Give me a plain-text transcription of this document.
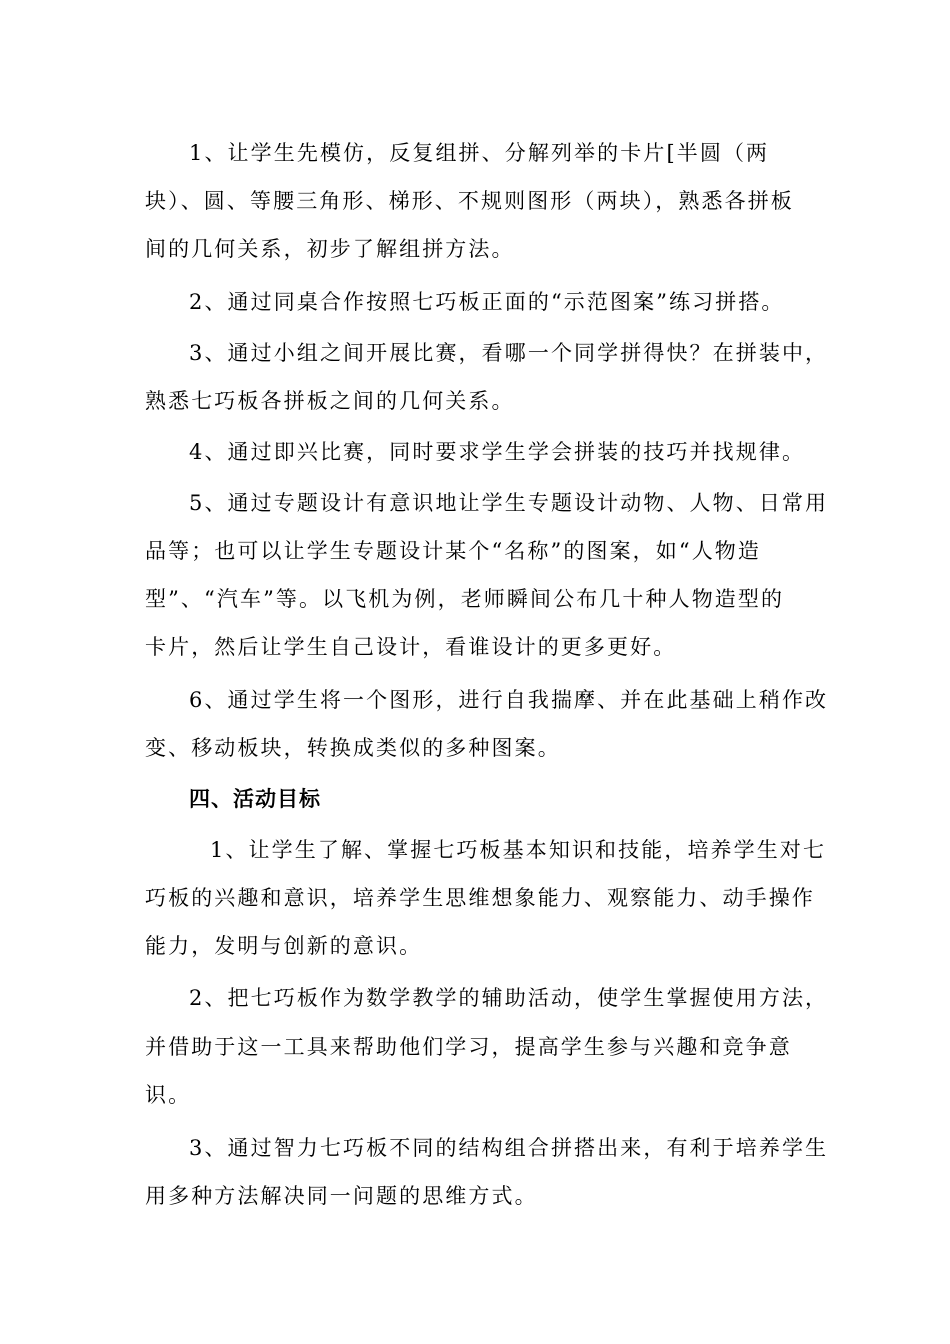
1、让学生先模仿，反复组拼、分解列举的卡片[半圆（两
块）、圆、等腰三角形、梯形、不规则图形（两块），熟悉各拼板
间的几何关系，初步了解组拼方法。
2、通过同桌合作按照七巧板正面的“示范图案”练习拼搭。
3、通过小组之间开展比赛，看哪一个同学拼得快？在拼装中，
熟悉七巧板各拼板之间的几何关系。
4、通过即兴比赛，同时要求学生学会拼装的技巧并找规律。
5、通过专题设计有意识地让学生专题设计动物、人物、日常用
品等；也可以让学生专题设计某个“名称”的图案，如“人物造
型”、“汽车”等。以飞机为例，老师瞬间公布几十种人物造型的
卡片，然后让学生自己设计，看谁设计的更多更好。
6、通过学生将一个图形，进行自我揣摩、并在此基础上稍作改
变、移动板块，转换成类似的多种图案。
四、活动目标
1、让学生了解、掌握七巧板基本知识和技能，培养学生对七
巧板的兴趣和意识，培养学生思维想象能力、观察能力、动手操作
能力，发明与创新的意识。
2、把七巧板作为数学教学的辅助活动，使学生掌握使用方法，
并借助于这一工具来帮助他们学习，提高学生参与兴趣和竞争意
识。
3、通过智力七巧板不同的结构组合拼搭出来，有利于培养学生
用多种方法解决同一问题的思维方式。
